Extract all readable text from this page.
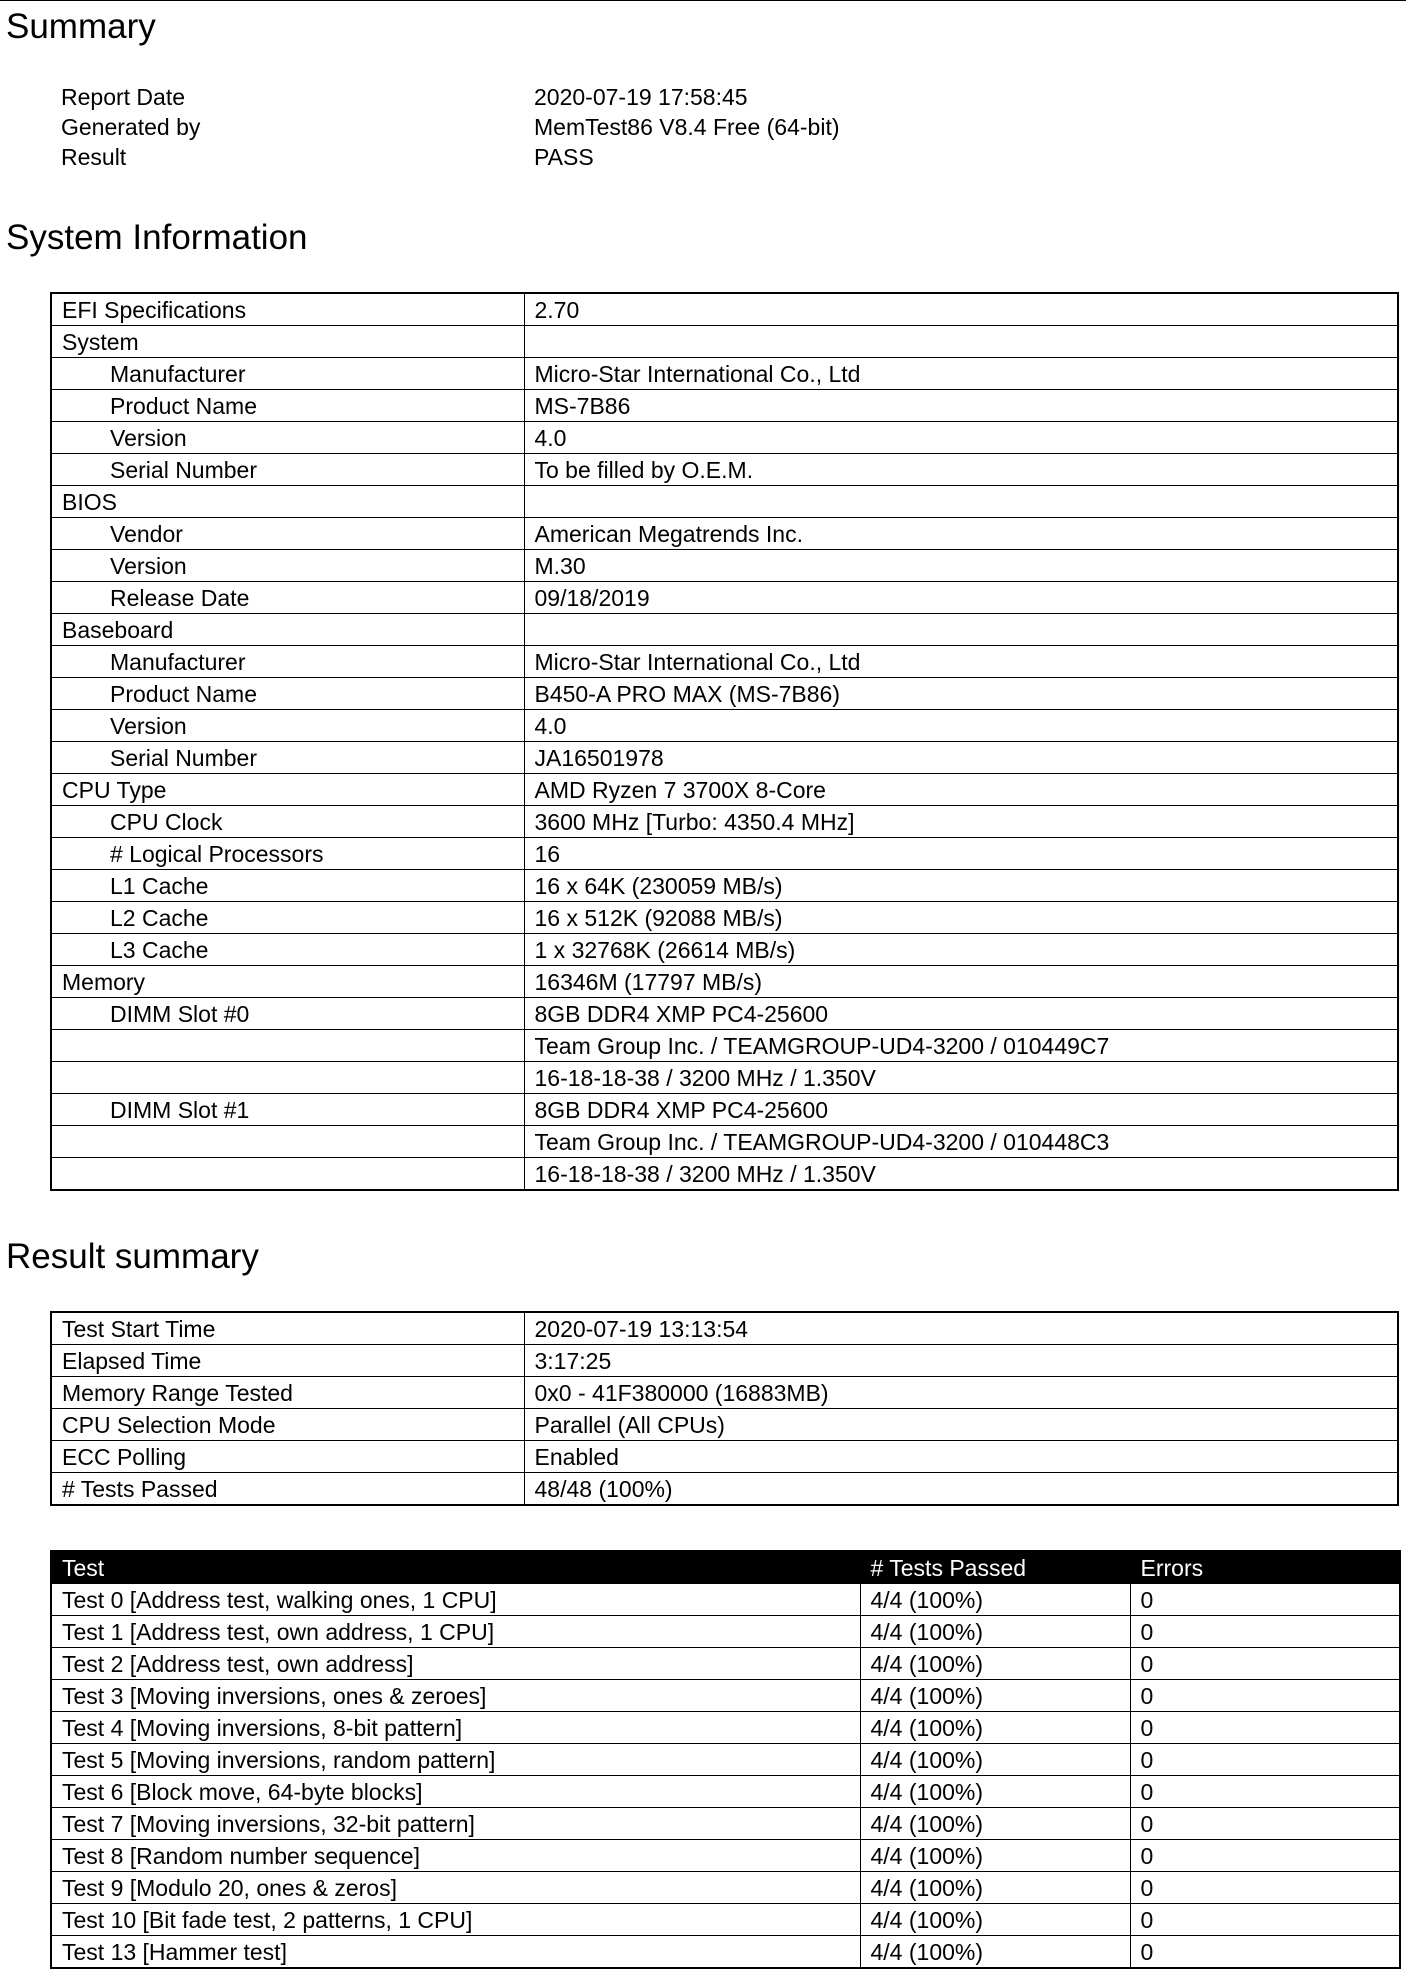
Summary
Report Date	2020-07-19 17:58:45
Generated by	MemTest86 V8.4 Free (64-bit)
Result	PASS
System Information
EFI Specifications	2.70
System	
Manufacturer	Micro-Star International Co., Ltd
Product Name	MS-7B86
Version	4.0
Serial Number	To be filled by O.E.M.
BIOS	
Vendor	American Megatrends Inc.
Version	M.30
Release Date	09/18/2019
Baseboard	
Manufacturer	Micro-Star International Co., Ltd
Product Name	B450-A PRO MAX (MS-7B86)
Version	4.0
Serial Number	JA16501978
CPU Type	AMD Ryzen 7 3700X 8-Core
CPU Clock	3600 MHz [Turbo: 4350.4 MHz]
# Logical Processors	16
L1 Cache	16 x 64K (230059 MB/s)
L2 Cache	16 x 512K (92088 MB/s)
L3 Cache	1 x 32768K (26614 MB/s)
Memory	16346M (17797 MB/s)
DIMM Slot #0	8GB DDR4 XMP PC4-25600
	Team Group Inc. / TEAMGROUP-UD4-3200 / 010449C7
	16-18-18-38 / 3200 MHz / 1.350V
DIMM Slot #1	8GB DDR4 XMP PC4-25600
	Team Group Inc. / TEAMGROUP-UD4-3200 / 010448C3
	16-18-18-38 / 3200 MHz / 1.350V
Result summary
Test Start Time	2020-07-19 13:13:54
Elapsed Time	3:17:25
Memory Range Tested	0x0 - 41F380000 (16883MB)
CPU Selection Mode	Parallel (All CPUs)
ECC Polling	Enabled
# Tests Passed	48/48 (100%)
Test	# Tests Passed	Errors
Test 0 [Address test, walking ones, 1 CPU]	4/4 (100%)	0
Test 1 [Address test, own address, 1 CPU]	4/4 (100%)	0
Test 2 [Address test, own address]	4/4 (100%)	0
Test 3 [Moving inversions, ones & zeroes]	4/4 (100%)	0
Test 4 [Moving inversions, 8-bit pattern]	4/4 (100%)	0
Test 5 [Moving inversions, random pattern]	4/4 (100%)	0
Test 6 [Block move, 64-byte blocks]	4/4 (100%)	0
Test 7 [Moving inversions, 32-bit pattern]	4/4 (100%)	0
Test 8 [Random number sequence]	4/4 (100%)	0
Test 9 [Modulo 20, ones & zeros]	4/4 (100%)	0
Test 10 [Bit fade test, 2 patterns, 1 CPU]	4/4 (100%)	0
Test 13 [Hammer test]	4/4 (100%)	0
